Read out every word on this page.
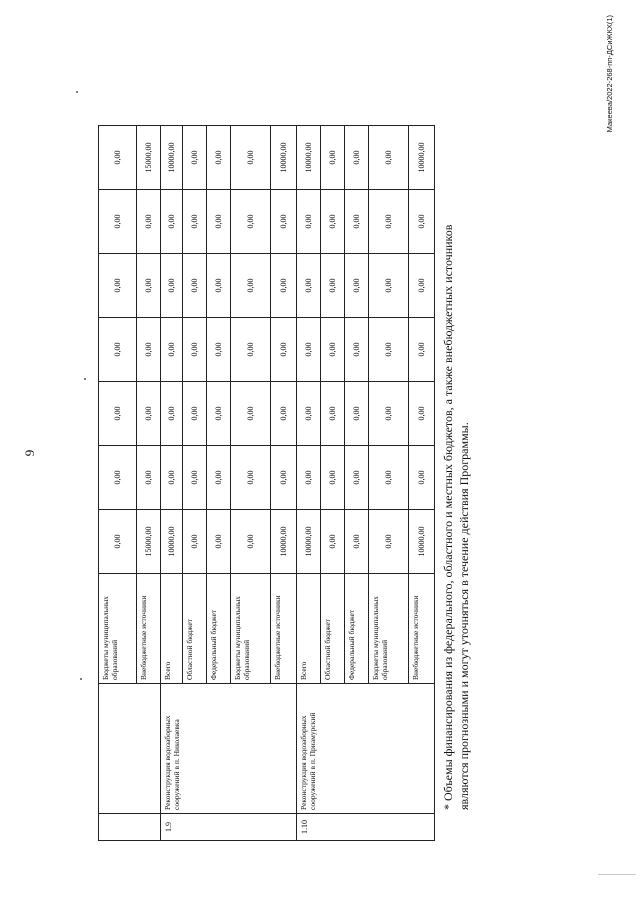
9
		Бюджеты муниципальных образований	0,00	0,00	0,00	0,00	0,00	0,00	0,00
		Внебюджетные источники	15000,00	0,00	0,00	0,00	0,00	0,00	15000,00
1.9	Реконструкция водозаборных сооружений в п. Николаевка	Всего	10000,00	0,00	0,00	0,00	0,00	0,00	10000,00
		Областной бюджет	0,00	0,00	0,00	0,00	0,00	0,00	0,00
		Федеральный бюджет	0,00	0,00	0,00	0,00	0,00	0,00	0,00
		Бюджеты муниципальных образований	0,00	0,00	0,00	0,00	0,00	0,00	0,00
		Внебюджетные источники	10000,00	0,00	0,00	0,00	0,00	0,00	10000,00
1.10	Реконструкция водозаборных сооружений в п. Приамурский	Всего	10000,00	0,00	0,00	0,00	0,00	0,00	10000,00
		Областной бюджет	0,00	0,00	0,00	0,00	0,00	0,00	0,00
		Федеральный бюджет	0,00	0,00	0,00	0,00	0,00	0,00	0,00
		Бюджеты муниципальных образований	0,00	0,00	0,00	0,00	0,00	0,00	0,00
		Внебюджетные источники	10000,00	0,00	0,00	0,00	0,00	0,00	10000,00
* Объемы финансирования из федерального, областного и местных бюджетов, а также внебюджетных источников являются прогнозными и могут уточняться в течение действия Программы.
Макеева/2022-268-пп-ДСиЖКХ(1)
